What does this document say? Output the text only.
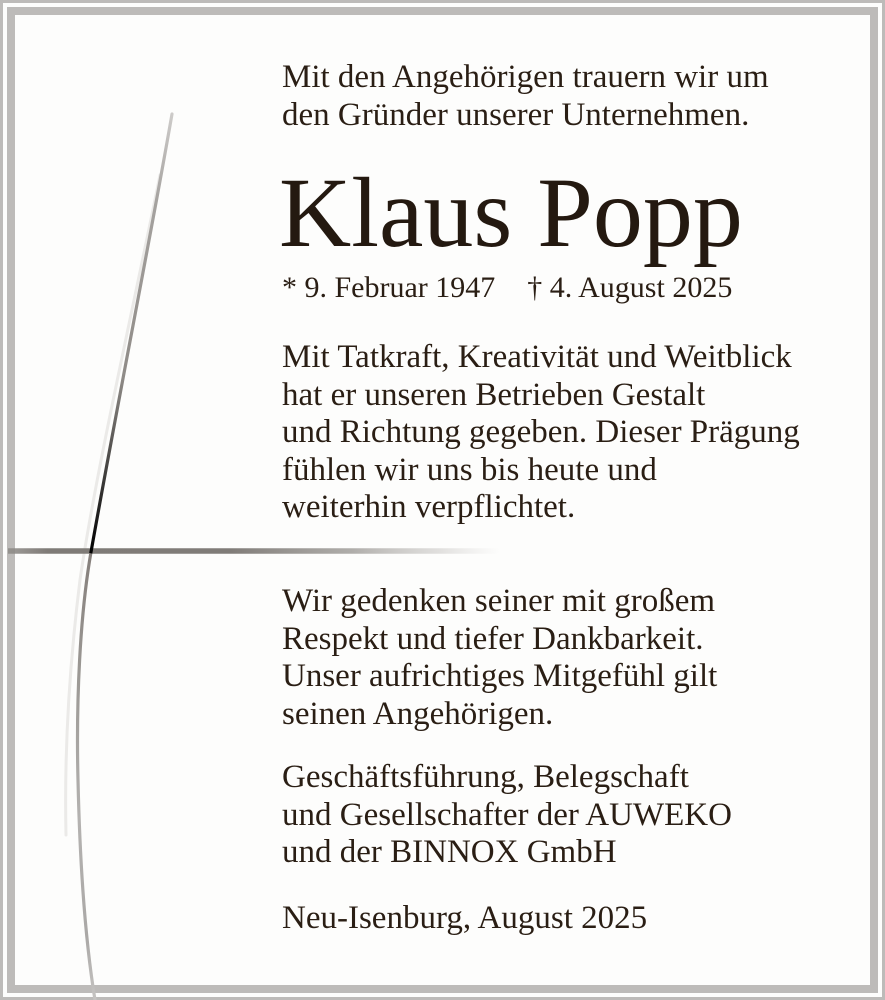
Mit den Angehörigen trauern wir um
den Gründer unserer Unternehmen.
Klaus Popp
* 9. Februar 1947 † 4. August 2025
Mit Tatkraft, Kreativität und Weitblick
hat er unseren Betrieben Gestalt
und Richtung gegeben. Dieser Prägung
fühlen wir uns bis heute und
weiterhin verpflichtet.
Wir gedenken seiner mit großem
Respekt und tiefer Dankbarkeit.
Unser aufrichtiges Mitgefühl gilt
seinen Angehörigen.
Geschäftsführung, Belegschaft
und Gesellschafter der AUWEKO
und der BINNOX GmbH
Neu-Isenburg, August 2025
